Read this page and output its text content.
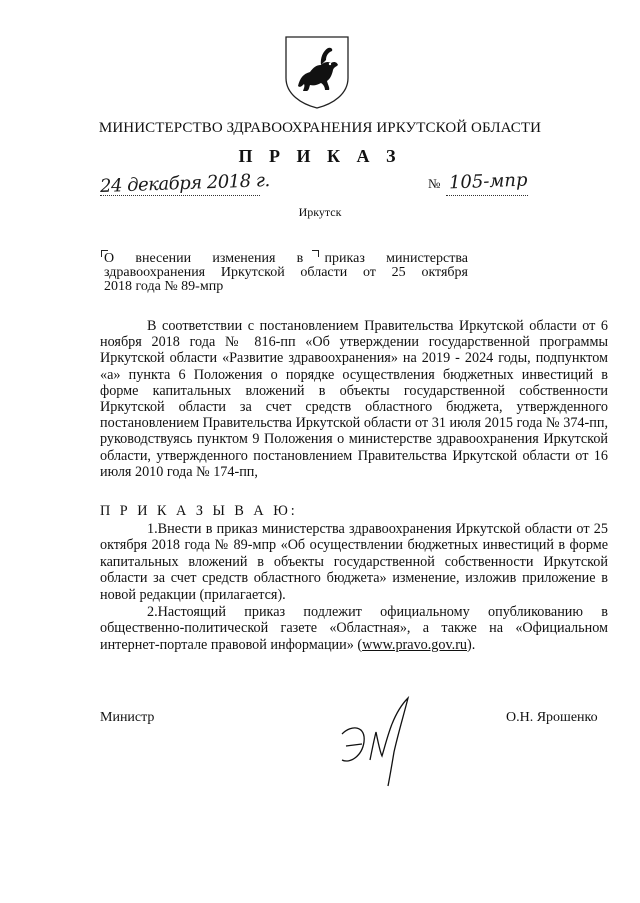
МИНИСТЕРСТВО ЗДРАВООХРАНЕНИЯ ИРКУТСКОЙ ОБЛАСТИ
П Р И К А З
24 декабря 2018 г.	№ 105-мпр
Иркутск
О внесении изменения в приказ министерства
здравоохранения Иркутской области от 25 октября
2018 года № 89-мпр

В соответствии с постановлением Правительства Иркутской области от 6 ноября 2018 года № 816-пп «Об утверждении государственной программы Иркутской области «Развитие здравоохранения» на 2019 - 2024 годы, подпунктом «а» пункта 6 Положения о порядке осуществления бюджетных инвестиций в форме капитальных вложений в объекты государственной собственности Иркутской области за счет средств областного бюджета, утвержденного постановлением Правительства Иркутской области от 31 июля 2015 года № 374-пп, руководствуясь пунктом 9 Положения о министерстве здравоохранения Иркутской области, утвержденного постановлением Правительства Иркутской области от 16 июля 2010 года № 174-пп,

П Р И К А З Ы В А Ю:

1.Внести в приказ министерства здравоохранения Иркутской области от 25 октября 2018 года № 89-мпр «Об осуществлении бюджетных инвестиций в форме капитальных вложений в объекты государственной собственности Иркутской области за счет средств областного бюджета» изменение, изложив приложение в новой редакции (прилагается).

2.Настоящий приказ подлежит официальному опубликованию в общественно-политической газете «Областная», а также на «Официальном интернет-портале правовой информации» (www.pravo.gov.ru).

Министр	О.Н. Ярошенко
